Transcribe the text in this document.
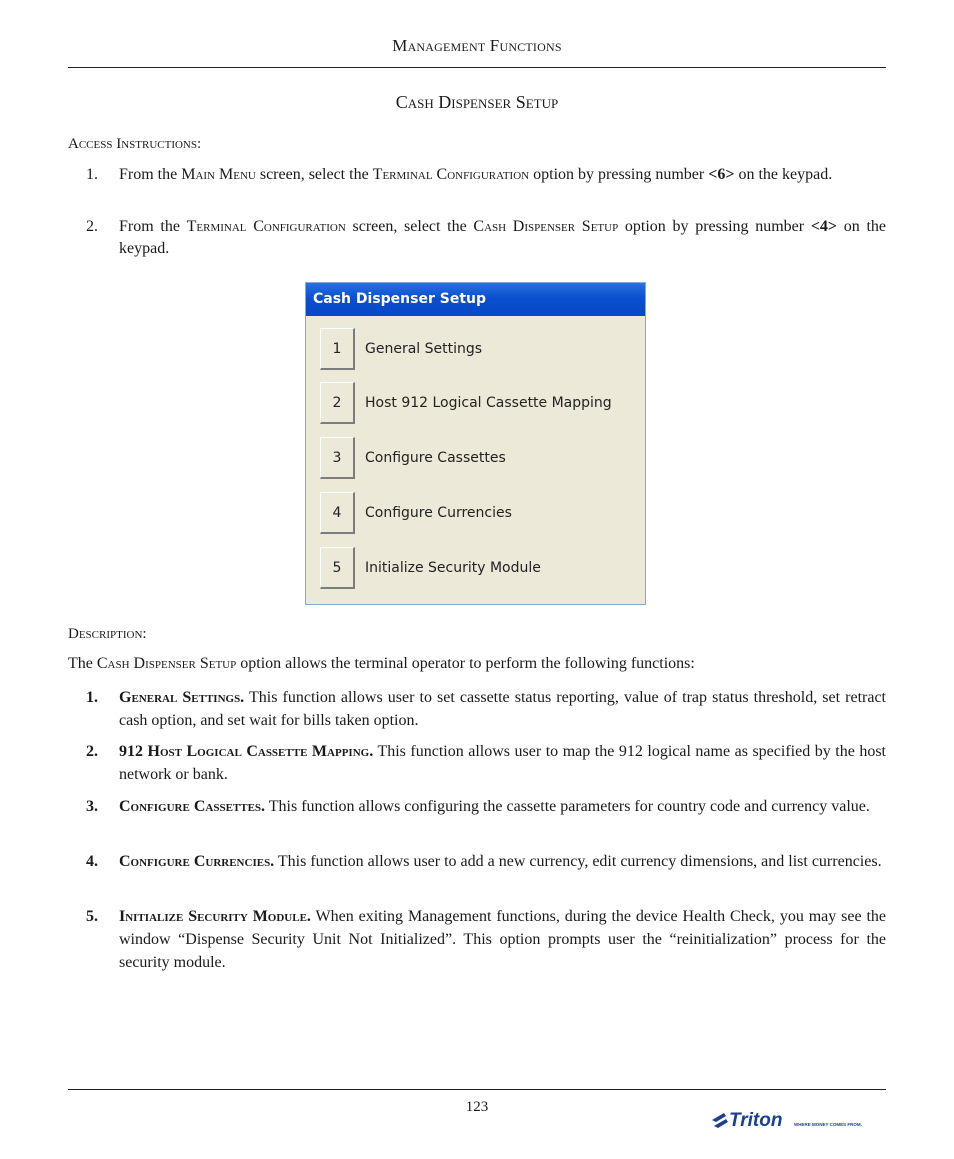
Management Functions
Cash Dispenser Setup
Access Instructions:
1. From the Main Menu screen, select the Terminal Configuration option by pressing number <6> on the keypad.
2. From the Terminal Configuration screen, select the Cash Dispenser Setup option by pressing number <4> on the keypad.
Cash Dispenser Setup
1	General Settings
2	Host 912 Logical Cassette Mapping
3	Configure Cassettes
4	Configure Currencies
5	Initialize Security Module
Description:
The Cash Dispenser Setup option allows the terminal operator to perform the following functions:
1. General Settings. This function allows user to set cassette status reporting, value of trap status threshold, set retract cash option, and set wait for bills taken option.
2. 912 Host Logical Cassette Mapping. This function allows user to map the 912 logical name as specified by the host network or bank.
3. Configure Cassettes. This function allows configuring the cassette parameters for country code and currency value.
4. Configure Currencies. This function allows user to add a new currency, edit currency dimensions, and list currencies.
5. Initialize Security Module. When exiting Management functions, during the device Health Check, you may see the window “Dispense Security Unit Not Initialized”. This option prompts user the “reinitialization” process for the security module.
123
Triton	WHERE MONEY COMES FROM.
